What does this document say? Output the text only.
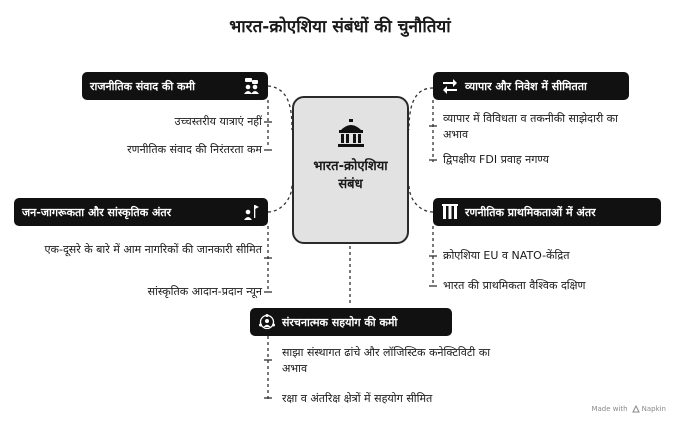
भारत-क्रोएशिया संबंधों की चुनौतियां
भारत-क्रोएशिया संबंध
राजनीतिक संवाद की कमी
उच्चस्तरीय यात्राएं नहीं
रणनीतिक संवाद की निरंतरता कम
व्यापार और निवेश में सीमितता
व्यापार में विविधता व तकनीकी साझेदारी का अभाव
द्विपक्षीय FDI प्रवाह नगण्य
जन-जागरूकता और सांस्कृतिक अंतर
एक-दूसरे के बारे में आम नागरिकों की जानकारी सीमित
सांस्कृतिक आदान-प्रदान न्यून
रणनीतिक प्राथमिकताओं में अंतर
क्रोएशिया EU व NATO-केंद्रित
भारत की प्राथमिकता वैश्विक दक्षिण
संरचनात्मक सहयोग की कमी
साझा संस्थागत ढांचे और लॉजिस्टिक कनेक्टिविटी का अभाव
रक्षा व अंतरिक्ष क्षेत्रों में सहयोग सीमित
Made with Napkin
